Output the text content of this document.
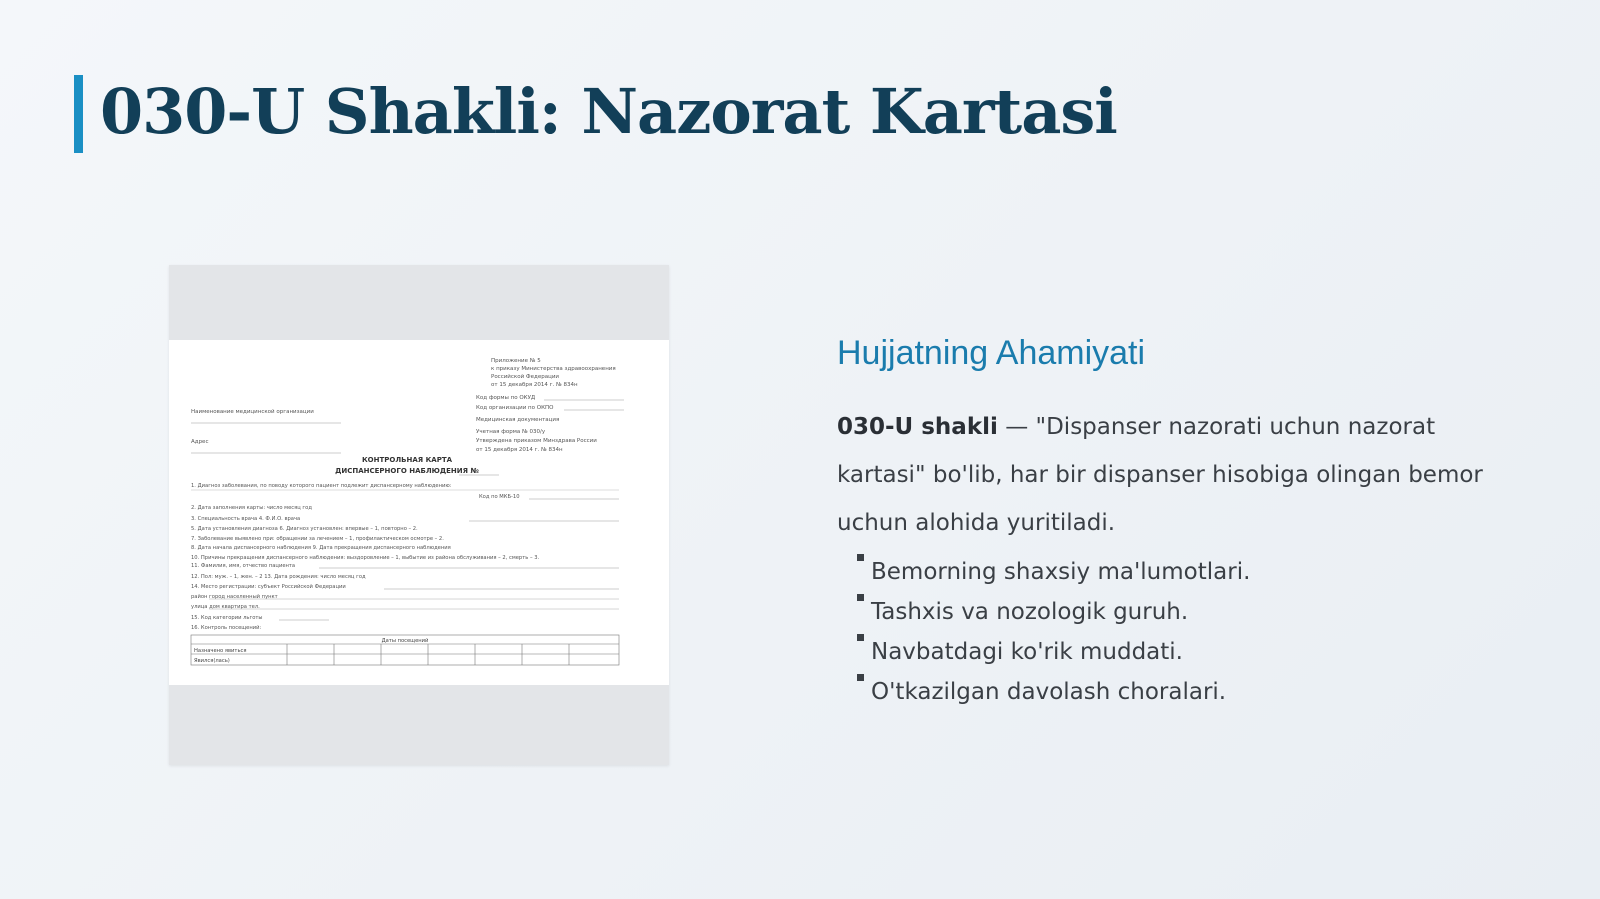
030-U Shakli: Nazorat Kartasi
Приложение № 5
к приказу Министерства здравоохранения
Российской Федерации
от 15 декабря 2014 г. № 834н
Код формы по ОКУД
Код организации по ОКПО
Медицинская документация
Учетная форма № 030/у
Утверждена приказом Минздрава России
от 15 декабря 2014 г. № 834н
Наименование медицинской организации
Адрес
КОНТРОЛЬНАЯ КАРТА
ДИСПАНСЕРНОГО НАБЛЮДЕНИЯ №
1. Диагноз заболевания, по поводу которого пациент подлежит диспансерному наблюдению:
Код по МКБ-10
2. Дата заполнения карты: число месяц год
3. Специальность врача 4. Ф.И.О. врача
5. Дата установления диагноза 6. Диагноз установлен: впервые – 1, повторно – 2.
7. Заболевание выявлено при: обращении за лечением – 1, профилактическом осмотре – 2.
8. Дата начала диспансерного наблюдения 9. Дата прекращения диспансерного наблюдения
10. Причины прекращения диспансерного наблюдения: выздоровление – 1, выбытие из района обслуживания – 2, смерть – 3.
11. Фамилия, имя, отчество пациента
12. Пол: муж. – 1, жен. – 2 13. Дата рождения: число месяц год
14. Место регистрации: субъект Российской Федерации
район город населенный пункт
улица дом квартира тел.
15. Код категории льготы
16. Контроль посещений:
Даты посещений
Назначено явиться
Явился(лась)
Hujjatning Ahamiyati

030-U shakli — "Dispanser nazorati uchun nazorat kartasi" bo'lib, har bir dispanser hisobiga olingan bemor uchun alohida yuritiladi.

Bemorning shaxsiy ma'lumotlari.
Tashxis va nozologik guruh.
Navbatdagi ko'rik muddati.
O'tkazilgan davolash choralari.
